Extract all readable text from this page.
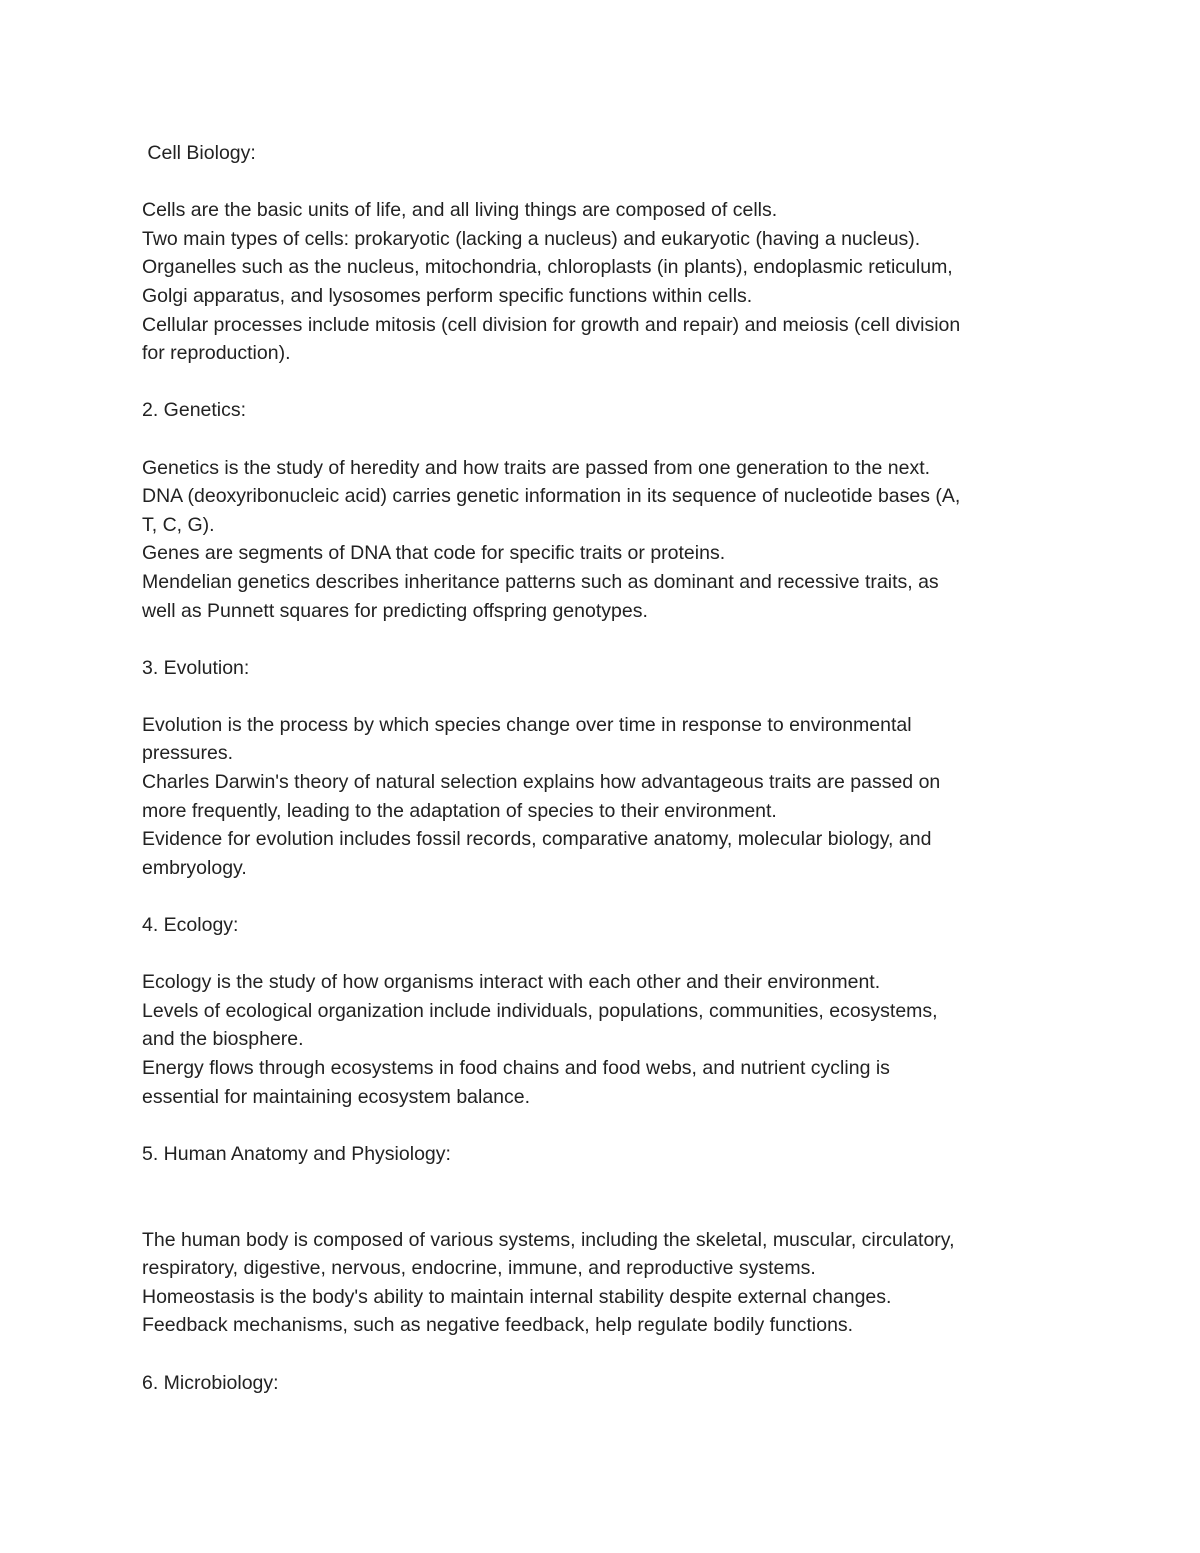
Cell Biology:
Cells are the basic units of life, and all living things are composed of cells.
Two main types of cells: prokaryotic (lacking a nucleus) and eukaryotic (having a nucleus).
Organelles such as the nucleus, mitochondria, chloroplasts (in plants), endoplasmic reticulum,
Golgi apparatus, and lysosomes perform specific functions within cells.
Cellular processes include mitosis (cell division for growth and repair) and meiosis (cell division
for reproduction).
2. Genetics:
Genetics is the study of heredity and how traits are passed from one generation to the next.
DNA (deoxyribonucleic acid) carries genetic information in its sequence of nucleotide bases (A,
T, C, G).
Genes are segments of DNA that code for specific traits or proteins.
Mendelian genetics describes inheritance patterns such as dominant and recessive traits, as
well as Punnett squares for predicting offspring genotypes.
3. Evolution:
Evolution is the process by which species change over time in response to environmental
pressures.
Charles Darwin's theory of natural selection explains how advantageous traits are passed on
more frequently, leading to the adaptation of species to their environment.
Evidence for evolution includes fossil records, comparative anatomy, molecular biology, and
embryology.
4. Ecology:
Ecology is the study of how organisms interact with each other and their environment.
Levels of ecological organization include individuals, populations, communities, ecosystems,
and the biosphere.
Energy flows through ecosystems in food chains and food webs, and nutrient cycling is
essential for maintaining ecosystem balance.
5. Human Anatomy and Physiology:
The human body is composed of various systems, including the skeletal, muscular, circulatory,
respiratory, digestive, nervous, endocrine, immune, and reproductive systems.
Homeostasis is the body's ability to maintain internal stability despite external changes.
Feedback mechanisms, such as negative feedback, help regulate bodily functions.
6. Microbiology:
